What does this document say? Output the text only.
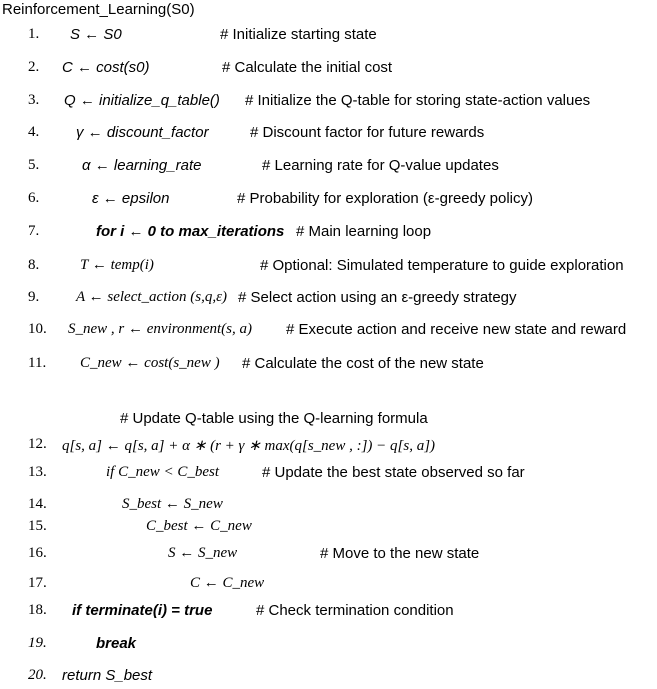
Reinforcement_Learning(S0)
1. S ← S0	# Initialize starting state
2. C ← cost(s0)	# Calculate the initial cost
3. Q ← initialize_q_table() # Initialize the Q-table for storing state-action values
4. γ ← discount_factor	# Discount factor for future rewards
5.	α ← learning_rate	# Learning rate for Q-value updates
6.	ε ← epsilon	# Probability for exploration (ε-greedy policy)
7.	for i ← 0 to max_iterations # Main learning loop
8.	T ← temp(i)	# Optional: Simulated temperature to guide exploration
9. A ← select_action (s,q,ε) # Select action using an ε-greedy strategy
10. S_new , r ← environment(s, a) # Execute action and receive new state and reward
11. C_new ← cost(s_new ) # Calculate the cost of the new state
# Update Q-table using the Q-learning formula
12. q[s, a] ← q[s, a] + α ∗ (r + γ ∗ max(q[s_new , :]) − q[s, a])
13.	if C_new < C_best	# Update the best state observed so far
14.	S_best ← S_new
15.	C_best ← C_new
16.	S ← S_new	# Move to the new state
17.	C ← C_new
18. if terminate(i) = true	# Check termination condition
19.	break
20. return S_best
